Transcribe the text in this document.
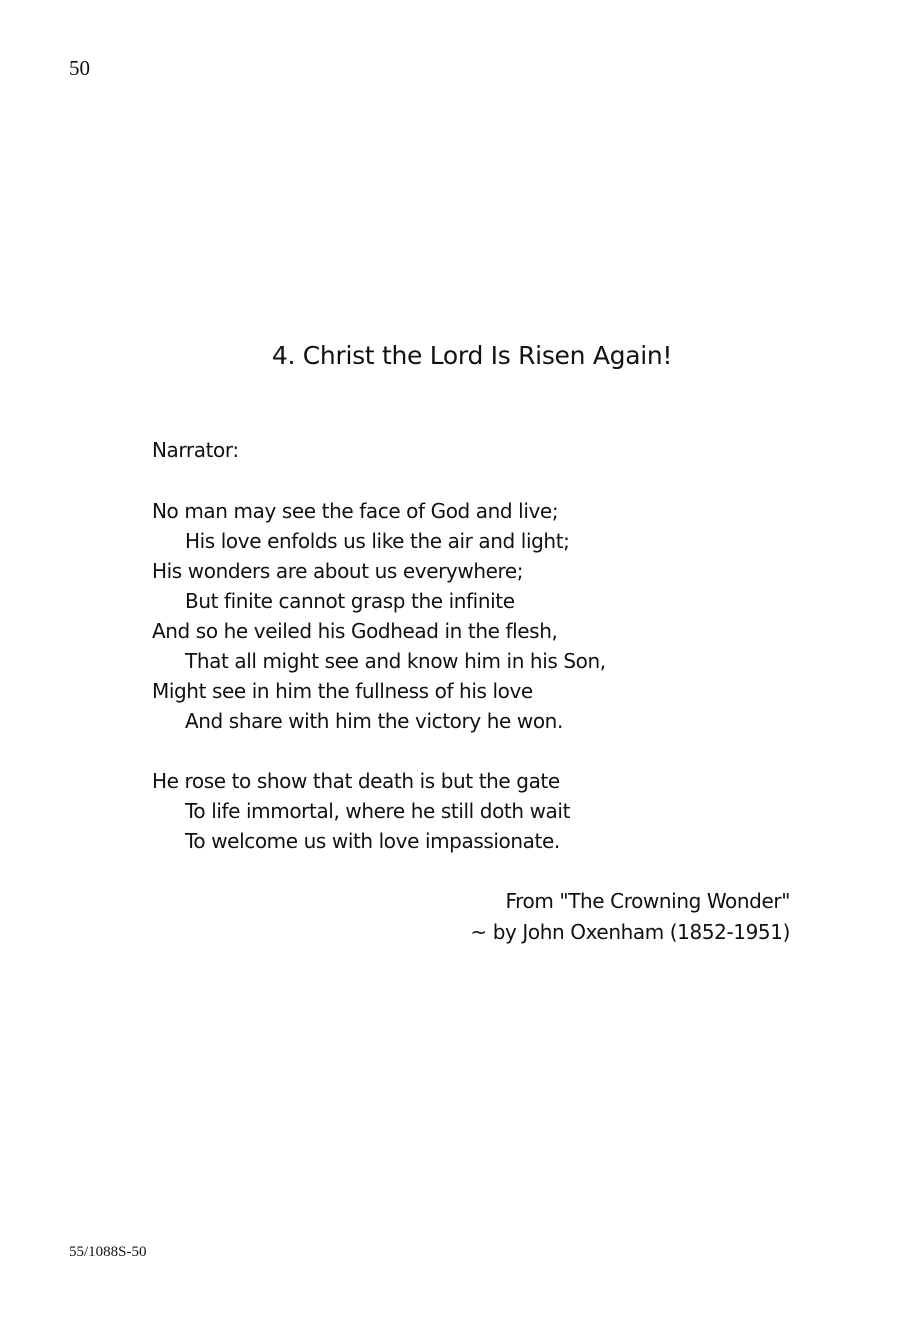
50
4. Christ the Lord Is Risen Again!
Narrator:
No man may see the face of God and live;
His love enfolds us like the air and light;
His wonders are about us everywhere;
But finite cannot grasp the infinite
And so he veiled his Godhead in the flesh,
That all might see and know him in his Son,
Might see in him the fullness of his love
And share with him the victory he won.
He rose to show that death is but the gate
To life immortal, where he still doth wait
To welcome us with love impassionate.
From "The Crowning Wonder"
~ by John Oxenham (1852-1951)
55/1088S-50
